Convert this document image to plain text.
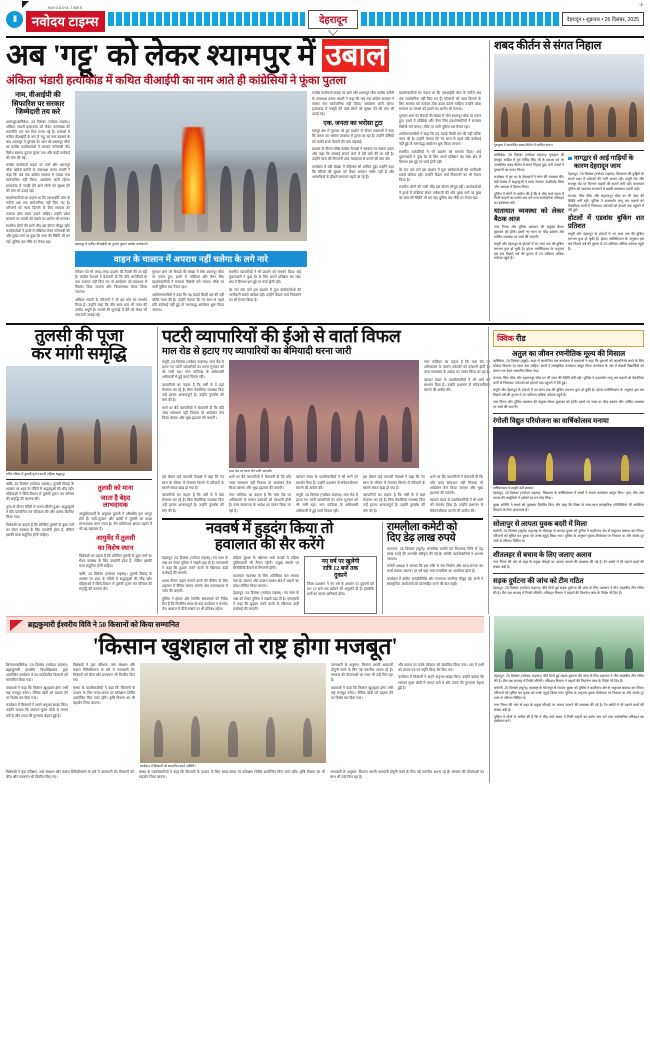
II
NAVODAYA TIMES
नवोदय टाइम्स	देहरादून	देहरादून • शुक्रवार • 26 दिसंबर, 2025
+
अब 'गट्टू' को लेकर श्यामपुर में उबाल
अंकिता भंडारी हत्याकांड में कथित वीआईपी का नाम आते ही कांग्रेसियों ने फूंका पुतला
नाम, वीआईपी की सिफारिश पर सरकार जिम्मेदारी तय करे

श्यामपुर/ऋषिकेश, 25 दिसंबर (नवोदय टाइम्स)। अंकिता भंडारी हत्याकांड को लेकर उत्तराखंड की राजनीति एक बार फिर गरमा गई है। चर्चाओं में कथित वीआईपी के रूप में 'गट्टू' का नाम उछलने के बाद श्यामपुर में गुरुवार देर शाम को श्यामपुर चौक पर कांग्रेस कार्यकर्ताओं ने जमकर नारेबाजी की। विरोध स्वरूप पुतला फूंका गया और कड़ी कार्रवाई की मांग की गई।

कांग्रेस कार्यकर्ता सड़क पर उतरे और श्यामपुर चौक कांग्रेस कमेटी के उपाध्यक्ष कमल भंडारी ने कहा कि जब तक कांग्रेस सरकार ने पक्का नाम सार्वजनिक नहीं किया, आंदोलन जारी रहेगा। हत्याकांड में गवाही देने वाले लोगों को सुरक्षा देने की मांग भी उठाई गई।

प्रदर्शनकारियों का कहना था कि एसआईटी जांच के नतीजे अब तक सार्वजनिक नहीं किए गए हैं। परिजनों को न्याय दिलाने के लिए सरकार को तत्काल ठोस कदम उठाने चाहिए। उन्होंने प्रदेश सरकार पर मामले को दबाने का आरोप भी लगाया।

स्थानीय लोगों की भारी भीड़ इस दौरान मौजूद रही। कार्यकर्ताओं ने हाथों में तख्तियां लेकर नारेबाजी की और मुख्य मार्ग पर कुछ देर जाम की स्थिति भी बन गई। पुलिस बल मौके पर तैनात रहा।

श्यामपुर में कथित वीआईपी का पुतला फूंकते कांग्रेस कार्यकर्ता।
वाहन के चालान में अपराध नहीं चलेगा के लगे नारे

रविवार को भी जगह-जगह प्रदर्शन की तैयारी की जा रही है। कांग्रेस नेताओं ने चेतावनी दी कि यदि आरोपियों के नाम उजागर नहीं किए गए तो आंदोलन को प्रदेशभर में विस्तार दिया जाएगा और विधानसभा घेराव किया जाएगा।

अंकिता भंडारी के परिजनों ने भी इस मांग का समर्थन किया है। उन्होंने कहा कि तीन साल बाद भी न्याय की उम्मीद अधूरी है। मामले की सुनवाई में देरी को लेकर भी नाराजगी जताई गई।

गुरुवार शाम को सैकड़ों की संख्या में लोग श्यामपुर चौक पर एकत्र हुए। हाथों में तख्तियां और बैनर लिए प्रदर्शनकारियों ने सरकार विरोधी नारे लगाए। मौके पर भारी पुलिस बल तैनात रहा।

आंदोलनकारियों ने कहा कि यह लड़ाई किसी दल की नहीं बल्कि न्याय की है। उन्होंने चेताया कि नए साल से पहले यदि कार्रवाई नहीं हुई तो चरणबद्ध आंदोलन शुरू किया जाएगा।

स्थानीय व्यापारियों ने भी प्रदर्शन को समर्थन दिया। कई दुकानदारों ने कुछ देर के लिए अपने प्रतिष्ठान बंद रखे। क्षेत्र में दिनभर इस मुद्दे पर चर्चा होती रही।

देर रात तक चले इस प्रदर्शन में युवा कार्यकर्ताओं की भागीदारी सबसे अधिक रही। उन्होंने कैंडल मार्च निकालने का भी ऐलान किया है।

कांग्रेस कार्यकर्ता सड़क पर उतरे और श्यामपुर चौक कांग्रेस कमेटी के उपाध्यक्ष कमल भंडारी ने कहा कि जब तक कांग्रेस सरकार ने पक्का नाम सार्वजनिक नहीं किया, आंदोलन जारी रहेगा। हत्याकांड में गवाही देने वाले लोगों को सुरक्षा देने की मांग भी उठाई गई।

एक, जनता का भरोसा टूटा

रायपुर क्षेत्र में गुरुवार को हुए प्रदर्शन के दौरान वक्ताओं ने कहा कि जनता का भरोसा व्यवस्था से टूटता जा रहा है। उन्होंने दोषियों को कठोर सजा दिलाने की मांग दोहराई।

प्रदर्शन के दौरान वरिष्ठ कांग्रेस नेताओं ने सरकार पर सवाल उठाए और कहा कि सच्चाई सामने लाने में देरी क्यों की जा रही है। उन्होंने जांच की निगरानी उच्च न्यायालय से कराने की मांग की।

कार्यक्रम में बड़ी संख्या में महिलाएं भी शामिल हुईं। उन्होंने कहा कि बेटियों की सुरक्षा को लेकर सरकार गंभीर नहीं है और अपराधियों के हौसले लगातार बढ़ते जा रहे हैं।

प्रदर्शनकारियों का कहना था कि एसआईटी जांच के नतीजे अब तक सार्वजनिक नहीं किए गए हैं। परिजनों को न्याय दिलाने के लिए सरकार को तत्काल ठोस कदम उठाने चाहिए। उन्होंने प्रदेश सरकार पर मामले को दबाने का आरोप भी लगाया।

गुरुवार शाम को सैकड़ों की संख्या में लोग श्यामपुर चौक पर एकत्र हुए। हाथों में तख्तियां और बैनर लिए प्रदर्शनकारियों ने सरकार विरोधी नारे लगाए। मौके पर भारी पुलिस बल तैनात रहा।

आंदोलनकारियों ने कहा कि यह लड़ाई किसी दल की नहीं बल्कि न्याय की है। उन्होंने चेताया कि नए साल से पहले यदि कार्रवाई नहीं हुई तो चरणबद्ध आंदोलन शुरू किया जाएगा।

स्थानीय व्यापारियों ने भी प्रदर्शन को समर्थन दिया। कई दुकानदारों ने कुछ देर के लिए अपने प्रतिष्ठान बंद रखे। क्षेत्र में दिनभर इस मुद्दे पर चर्चा होती रही।

देर रात तक चले इस प्रदर्शन में युवा कार्यकर्ताओं की भागीदारी सबसे अधिक रही। उन्होंने कैंडल मार्च निकालने का भी ऐलान किया है।

स्थानीय लोगों की भारी भीड़ इस दौरान मौजूद रही। कार्यकर्ताओं ने हाथों में तख्तियां लेकर नारेबाजी की और मुख्य मार्ग पर कुछ देर जाम की स्थिति भी बन गई। पुलिस बल मौके पर तैनात रहा।

शबद कीर्तन से संगत निहाल
गुरुद्वारा में आयोजित शबद कीर्तन में शामिल संगत।

ऋषिकेश, 25 दिसंबर (नवोदय टाइम्स)। गुरुद्वारा श्री हेमकुंट साहिब में गुरु गोविंद सिंह जी के प्रकाश पर्व पर आयोजित शबद कीर्तन में संगत निहाल हुई। रागी जत्थों ने गुरबाणी का गायन किया।

कार्यक्रम में गुरु घर के सेवादारों ने लंगर की व्यवस्था की। बड़ी संख्या में श्रद्धालुओं ने माथा टेककर आशीर्वाद लिया और अरदास में हिस्सा लिया।

पुलिस ने लोगों से अपील की है कि वे भीड़ वाले समय में निजी वाहनों का प्रयोग कम करें तथा सार्वजनिक परिवहन का इस्तेमाल करें।

यातायात व्यवस्था को लेकर बैठक आज

नगर निगम और पुलिस प्रशासन की संयुक्त बैठक शुक्रवार को होगी। इसमें नए साल पर भीड़ प्रबंधन और पार्किंग व्यवस्था पर चर्चा की जाएगी।

मसूरी और देहरादून के होटलों में नए साल तक की बुकिंग लगभग फुल हो चुकी है। होटल एसोसिएशन के अनुसार इस बार पिछले वर्ष की तुलना में 20 प्रतिशत अधिक पर्यटक पहुंचे हैं।

नागद्वार से आई गाड़ियों के कारण देहरादून जाम

देहरादून, 25 दिसंबर (नवोदय टाइम्स)। क्रिसमस की छुट्टियों के चलते शहर में पर्यटकों की भारी आमद रही। मसूरी रोड और राजपुर रोड पर दिनभर वाहनों की कतारें लगी रहीं। यातायात पुलिस को व्यवस्था संभालने में खासी मशक्कत करनी पड़ी।

घंटाघर, प्रिंस चौक और सहारनपुर चौक पर भी जाम की स्थिति बनी रही। पुलिस ने डायवर्जन लागू कर वाहनों को वैकल्पिक मार्गों से निकाला। पर्यटकों को होटलों तक पहुंचने में देरी हुई।

होटलों में एडवांस बुकिंग शत प्रतिशत

मसूरी और देहरादून के होटलों में नए साल तक की बुकिंग लगभग फुल हो चुकी है। होटल एसोसिएशन के अनुसार इस बार पिछले वर्ष की तुलना में 20 प्रतिशत अधिक पर्यटक पहुंचे हैं।

तुलसी की पूजा
कर मांगी समृद्धि
मंदिर परिसर में तुलसी पूजन करती महिला श्रद्धालु।

ऋषि, 25 दिसंबर (नवोदय टाइम्स)। तुलसी विवाह के अवसर पर शहर के मंदिरों में श्रद्धालुओं की भीड़ रही। महिलाओं ने विधि-विधान से तुलसी पूजन कर परिवार की समृद्धि की कामना की।

पूजा के दौरान मंदिरों में भजन-कीर्तन हुआ। श्रद्धालुओं ने दीप प्रज्वलित कर परिक्रमा की और प्रसाद वितरित किया गया।

विशेषज्ञों का कहना है कि प्रतिदिन तुलसी के कुछ पत्तों का सेवन स्वास्थ्य के लिए उपयोगी होता है, लेकिन इसकी मात्रा संतुलित होनी चाहिए।

तुलसी को माना
जाता है बेहद
लाभदायक

आयुर्वेदाचार्यों के अनुसार तुलसी में औषधीय गुण भरपूर होते हैं। सर्दी-जुकाम और खांसी में तुलसी का काढ़ा लाभदायक माना जाता है। रोग प्रतिरोधक क्षमता बढ़ाने में भी यह सहायक है।

आयुर्वेद में तुलसी
का विशेष स्थान

विशेषज्ञों का कहना है कि प्रतिदिन तुलसी के कुछ पत्तों का सेवन स्वास्थ्य के लिए उपयोगी होता है, लेकिन इसकी मात्रा संतुलित होनी चाहिए।

ऋषि, 25 दिसंबर (नवोदय टाइम्स)। तुलसी विवाह के अवसर पर शहर के मंदिरों में श्रद्धालुओं की भीड़ रही। महिलाओं ने विधि-विधान से तुलसी पूजन कर परिवार की समृद्धि की कामना की।

पटरी व्यापारियों की ईओ से वार्ता विफल
माल रोड से हटाए गए व्यापारियों का बेमियादी धरना जारी

मसूरी, 25 दिसंबर (नवोदय टाइम्स)। माल रोड से हटाए गए पटरी व्यापारियों का धरना गुरुवार को भी जारी रहा। नगर पालिका के अधिशासी अधिकारी से हुई वार्ता विफल रही।

व्यापारियों का कहना है कि वर्षों से वे यहां रोजगार कर रहे हैं। बिना वैकल्पिक व्यवस्था किए उन्हें हटाना अन्यायपूर्ण है। उन्होंने पुनर्वास की मांग की है।

धरने पर बैठे व्यापारियों ने चेतावनी दी कि यदि जल्द समाधान नहीं निकला तो आंदोलन तेज किया जाएगा और भूख हड़ताल की जाएगी।

माल रोड पर धरना देते पटरी व्यापारी।

नगर पालिका का कहना है कि माल रोड पर अतिक्रमण के कारण पर्यटकों को परेशानी होती है। उच्च न्यायालय के आदेश का पालन किया जा रहा है।

व्यापार मंडल के पदाधिकारियों ने भी धरने को समर्थन दिया है। उन्होंने प्रशासन से संवेदनशीलता बरतने की अपील की।

इस दौरान कई व्यापारी नेताओं ने कहा कि नए साल के सीजन में रोजगार छिनने से परिवारों के सामने संकट खड़ा हो गया है।

व्यापारियों का कहना है कि वर्षों से वे यहां रोजगार कर रहे हैं। बिना वैकल्पिक व्यवस्था किए उन्हें हटाना अन्यायपूर्ण है। उन्होंने पुनर्वास की मांग की है।

धरने पर बैठे व्यापारियों ने चेतावनी दी कि यदि जल्द समाधान नहीं निकला तो आंदोलन तेज किया जाएगा और भूख हड़ताल की जाएगी।

नगर पालिका का कहना है कि माल रोड पर अतिक्रमण के कारण पर्यटकों को परेशानी होती है। उच्च न्यायालय के आदेश का पालन किया जा रहा है।

व्यापार मंडल के पदाधिकारियों ने भी धरने को समर्थन दिया है। उन्होंने प्रशासन से संवेदनशीलता बरतने की अपील की।

मसूरी, 25 दिसंबर (नवोदय टाइम्स)। माल रोड से हटाए गए पटरी व्यापारियों का धरना गुरुवार को भी जारी रहा। नगर पालिका के अधिशासी अधिकारी से हुई वार्ता विफल रही।

इस दौरान कई व्यापारी नेताओं ने कहा कि नए साल के सीजन में रोजगार छिनने से परिवारों के सामने संकट खड़ा हो गया है।

व्यापारियों का कहना है कि वर्षों से वे यहां रोजगार कर रहे हैं। बिना वैकल्पिक व्यवस्था किए उन्हें हटाना अन्यायपूर्ण है। उन्होंने पुनर्वास की मांग की है।

धरने पर बैठे व्यापारियों ने चेतावनी दी कि यदि जल्द समाधान नहीं निकला तो आंदोलन तेज किया जाएगा और भूख हड़ताल की जाएगी।

व्यापार मंडल के पदाधिकारियों ने भी धरने को समर्थन दिया है। उन्होंने प्रशासन से संवेदनशीलता बरतने की अपील की।

नववर्ष में हुड़दंग किया तो
हवालात की सैर करेंगे

देहरादून, 25 दिसंबर (नवोदय टाइम्स)। नए साल के जश्न को लेकर पुलिस ने सख्ती बढ़ा दी है। एसएसपी ने कहा कि हुड़दंग करने वालों के खिलाफ कड़ी कार्रवाई की जाएगी।

शराब पीकर वाहन चलाने वालों की चेकिंग के लिए शहरभर में बैरियर लगाए जाएंगे। ब्रेथ एनालाइजर से जांच की जाएगी।

पुलिस ने होटल और रेस्टोरेंट संचालकों को निर्देश दिए हैं कि निर्धारित समय के बाद कार्यक्रम न चलाएं। तेज आवाज में डीजे बजाने पर भी प्रतिबंध रहेगा।

महिला सुरक्षा के मद्देनजर सादे कपड़ों में महिला पुलिसकर्मी भी तैनात रहेंगी। प्रमुख स्थानों पर सीसीटीवी कैमरों से निगरानी होगी।

यातायात व्यवस्था के लिए अतिरिक्त बल लगाया गया है। घंटाघर और पलटन बाजार क्षेत्र में वाहनों का प्रवेश सीमित किया जाएगा।

देहरादून, 25 दिसंबर (नवोदय टाइम्स)। नए साल के जश्न को लेकर पुलिस ने सख्ती बढ़ा दी है। एसएसपी ने कहा कि हुड़दंग करने वालों के खिलाफ कड़ी कार्रवाई की जाएगी।

नए वर्ष पर खुलेंगी
रात्रि 12 बजे तक
दुकानें

जिला प्रशासन ने नए वर्ष के अवसर पर दुकानों को रात 12 बजे तक खोलने की अनुमति दी है। हालांकि शर्तों का पालन अनिवार्य होगा।

रामलीला कमेटी को
दिए डेढ़ लाख रुपये

रामनगर, 25 दिसंबर (ब्यूरो)। रामलीला कमेटी को विधायक निधि से डेढ़ लाख रुपये की धनराशि स्वीकृत की गई है। कमेटी पदाधिकारियों ने आभार जताया।

कमेटी अध्यक्ष ने बताया कि इस राशि से मंच निर्माण और साज-सज्जा का कार्य कराया जाएगा। हर वर्ष यहां भव्य रामलीला का आयोजन होता है।

कार्यक्रम में क्षेत्रीय जनप्रतिनिधि और गणमान्य नागरिक मौजूद रहे। सभी ने सांस्कृतिक आयोजनों को प्रोत्साहित करने की बात कही।

क्विक रीड
अतुल का जीवन रणनीतिक मूल्य की मिसाल

ऋषिकेश, 25 दिसंबर (ब्यूरो)। शहर में आयोजित एक कार्यक्रम में वक्ताओं ने कहा कि युवाओं को आत्मनिर्भर बनने के लिए कौशल विकास पर ध्यान देना चाहिए। छात्रों ने सांस्कृतिक कार्यक्रम प्रस्तुत किए। कार्यक्रम के अंत में मेधावी विद्यार्थियों को प्रमाण पत्र देकर सम्मानित किया गया।

घंटाघर, प्रिंस चौक और सहारनपुर चौक पर भी जाम की स्थिति बनी रही। पुलिस ने डायवर्जन लागू कर वाहनों को वैकल्पिक मार्गों से निकाला। पर्यटकों को होटलों तक पहुंचने में देरी हुई।

मसूरी और देहरादून के होटलों में नए साल तक की बुकिंग लगभग फुल हो चुकी है। होटल एसोसिएशन के अनुसार इस बार पिछले वर्ष की तुलना में 20 प्रतिशत अधिक पर्यटक पहुंचे हैं।

नगर निगम और पुलिस प्रशासन की संयुक्त बैठक शुक्रवार को होगी। इसमें नए साल पर भीड़ प्रबंधन और पार्किंग व्यवस्था पर चर्चा की जाएगी।

रंगोली विद्युत परियोजना का वार्षिकोत्सव मनाया
वार्षिकोत्सव में प्रस्तुति देतीं छात्राएं।

देहरादून, 25 दिसंबर (नवोदय टाइम्स)। विद्यालय के वार्षिकोत्सव में बच्चों ने रंगारंग कार्यक्रम प्रस्तुत किए। नृत्य, गीत और नाटक की प्रस्तुतियों ने दर्शकों का मन मोह लिया।

मुख्य अतिथि ने बच्चों को पुरस्कार वितरित किए और कहा कि शिक्षा के साथ-साथ सांस्कृतिक गतिविधियां भी व्यक्तित्व विकास के लिए आवश्यक हैं।

सोलापुर से लापता युवक बदरी में मिला

चमोली, 25 दिसंबर (ब्यूरो)। महाराष्ट्र के सोलापुर से लापता युवक को पुलिस ने बदरीनाथ क्षेत्र से सकुशल बरामद कर लिया। परिजनों को सूचित कर युवक को उनके सुपुर्द किया गया। पुलिस के अनुसार युवक तीर्थयात्रा पर निकला था और संपर्क टूट जाने से परिजन चिंतित थे।

शीतलहर से बचाव के लिए जलाए अलाव

नगर निगम की ओर से शहर के प्रमुख चौराहों पर अलाव जलाने की व्यवस्था की गई है। रैन बसेरों में भी ठहरने वालों की संख्या बढ़ी है।

सड़क दुर्घटना की जांच को टीम गठित

देहरादून, 25 दिसंबर (नवोदय टाइम्स)। बीते दिनों हुई सड़क दुर्घटना की जांच के लिए प्रशासन ने तीन सदस्यीय टीम गठित की है। टीम एक सप्ताह में रिपोर्ट सौंपेगी। परिवहन विभाग ने वाहनों की फिटनेस जांच के निर्देश भी दिए हैं।

ब्रह्मकुमारी ईश्वरीय विवि ने 50 किसानों को किया सम्मानित
'किसान खुशहाल तो राष्ट्र होगा मजबूत'

शिमला/ऋषिकेश, 25 दिसंबर (नवोदय टाइम्स)। ब्रह्माकुमारी ईश्वरीय विश्वविद्यालय द्वारा आयोजित कार्यक्रम में 50 प्रगतिशील किसानों को सम्मानित किया गया।

वक्ताओं ने कहा कि किसान खुशहाल होगा तभी राष्ट्र मजबूत बनेगा। जैविक खेती को बढ़ावा देने पर विशेष बल दिया गया।

कार्यक्रम में किसानों ने अपने अनुभव साझा किए। उन्होंने बताया कि रसायन मुक्त खेती से लागत घटी है और उपज की गुणवत्ता बेहतर हुई है।

विशेषज्ञों ने मृदा परीक्षण, जल संरक्षण और फसल विविधीकरण के बारे में जानकारी दी। किसानों को बीज और उपकरण भी वितरित किए गए।

संस्था के पदाधिकारियों ने कहा कि किसानों के उत्थान के लिए समय-समय पर प्रशिक्षण शिविर आयोजित किए जाते रहेंगे। कृषि विभाग का भी सहयोग लिया जाएगा।

कार्यक्रम में किसानों को सम्मानित करते अतिथि।

जानकारी के अनुसार, किसान अपनी आमदनी दोगुनी करने के लिए नई तकनीक अपना रहे हैं। सरकार की योजनाओं का लाभ भी उन्हें मिल रहा है।

वक्ताओं ने कहा कि किसान खुशहाल होगा तभी राष्ट्र मजबूत बनेगा। जैविक खेती को बढ़ावा देने पर विशेष बल दिया गया।

और फसल पर उनके योगदान को रेखांकित किया गया। अंत में सभी को प्रमाण पत्र एवं स्मृति चिन्ह भेंट किए गए।

कार्यक्रम में किसानों ने अपने अनुभव साझा किए। उन्होंने बताया कि रसायन मुक्त खेती से लागत घटी है और उपज की गुणवत्ता बेहतर हुई है।

विशेषज्ञों ने मृदा परीक्षण, जल संरक्षण और फसल विविधीकरण के बारे में जानकारी दी। किसानों को बीज और उपकरण भी वितरित किए गए।

संस्था के पदाधिकारियों ने कहा कि किसानों के उत्थान के लिए समय-समय पर प्रशिक्षण शिविर आयोजित किए जाते रहेंगे। कृषि विभाग का भी सहयोग लिया जाएगा।

जानकारी के अनुसार, किसान अपनी आमदनी दोगुनी करने के लिए नई तकनीक अपना रहे हैं। सरकार की योजनाओं का लाभ भी उन्हें मिल रहा है।

देहरादून, 25 दिसंबर (नवोदय टाइम्स)। बीते दिनों हुई सड़क दुर्घटना की जांच के लिए प्रशासन ने तीन सदस्यीय टीम गठित की है। टीम एक सप्ताह में रिपोर्ट सौंपेगी। परिवहन विभाग ने वाहनों की फिटनेस जांच के निर्देश भी दिए हैं।

चमोली, 25 दिसंबर (ब्यूरो)। महाराष्ट्र के सोलापुर से लापता युवक को पुलिस ने बदरीनाथ क्षेत्र से सकुशल बरामद कर लिया। परिजनों को सूचित कर युवक को उनके सुपुर्द किया गया। पुलिस के अनुसार युवक तीर्थयात्रा पर निकला था और संपर्क टूट जाने से परिजन चिंतित थे।

नगर निगम की ओर से शहर के प्रमुख चौराहों पर अलाव जलाने की व्यवस्था की गई है। रैन बसेरों में भी ठहरने वालों की संख्या बढ़ी है।

पुलिस ने लोगों से अपील की है कि वे भीड़ वाले समय में निजी वाहनों का प्रयोग कम करें तथा सार्वजनिक परिवहन का इस्तेमाल करें।
